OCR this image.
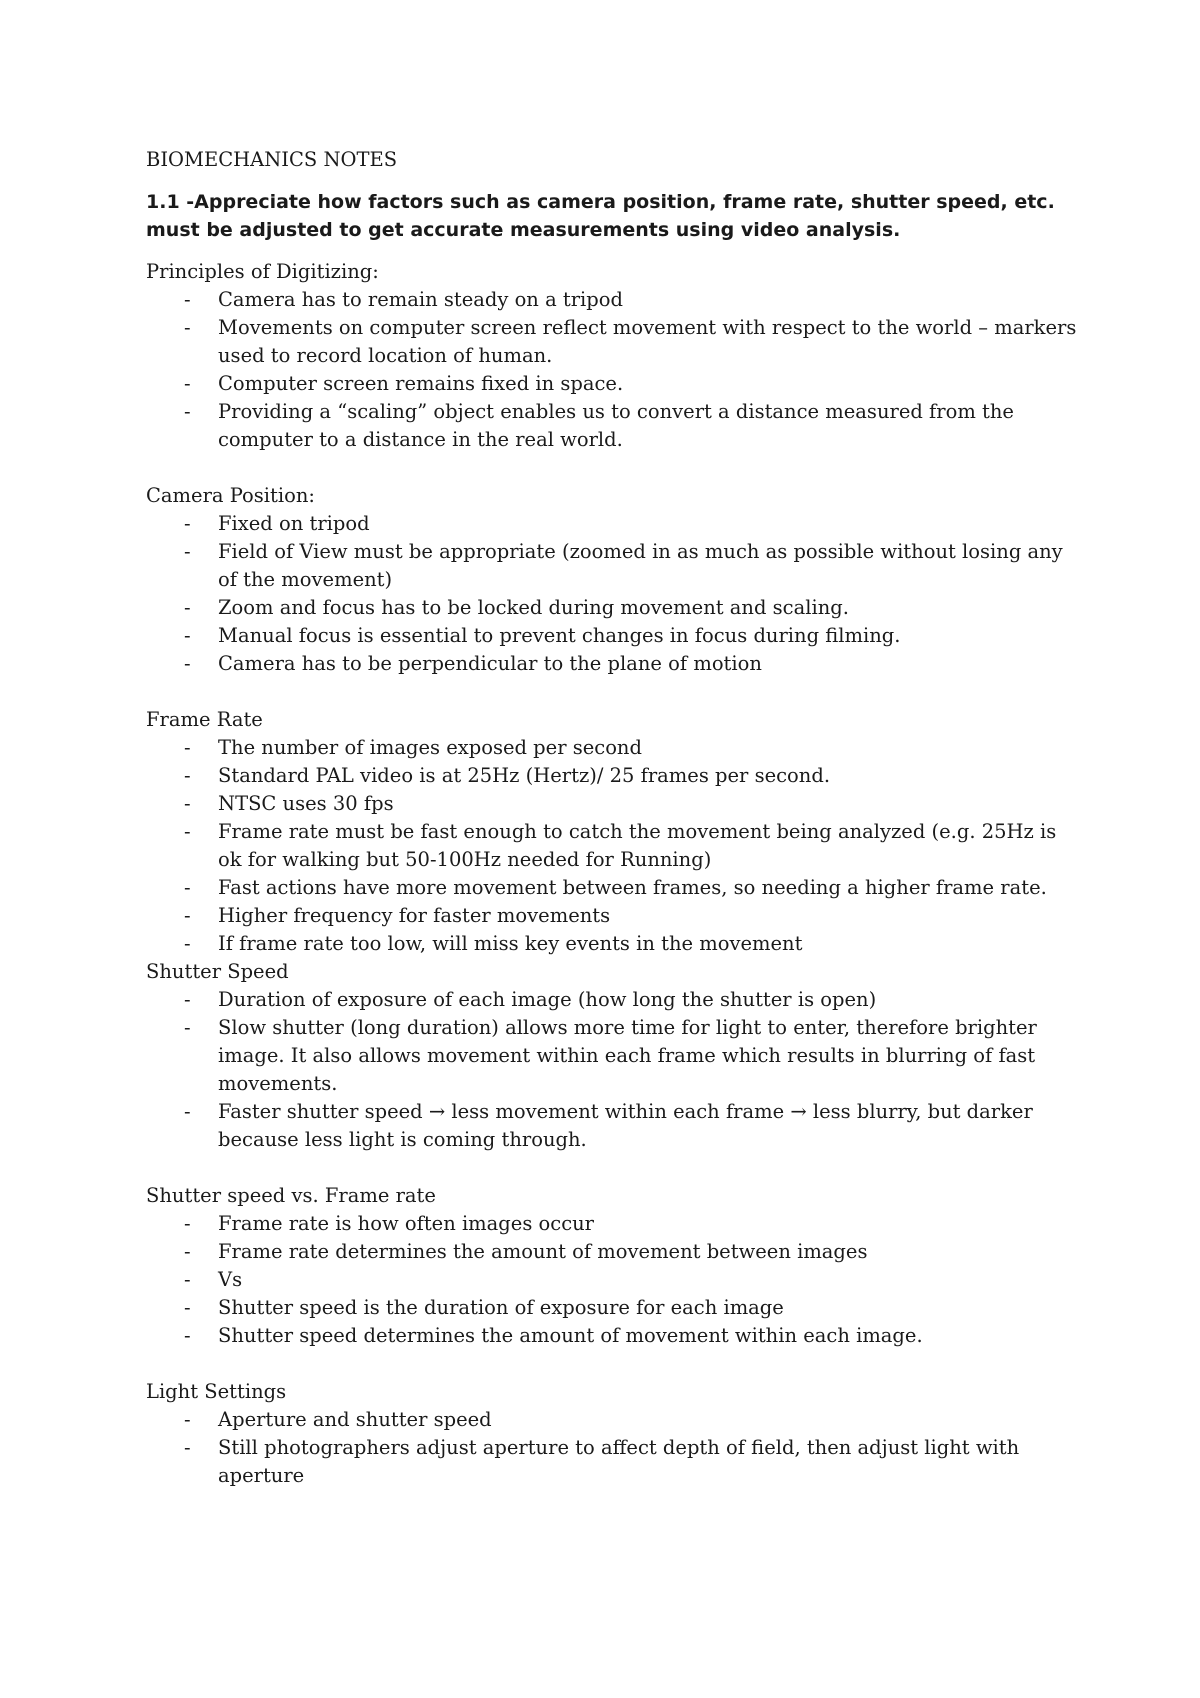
BIOMECHANICS NOTES
1.1 -Appreciate how factors such as camera position, frame rate, shutter speed, etc. must be adjusted to get accurate measurements using video analysis.
Principles of Digitizing:
- Camera has to remain steady on a tripod
- Movements on computer screen reflect movement with respect to the world – markers used to record location of human.
- Computer screen remains fixed in space.
- Providing a “scaling” object enables us to convert a distance measured from the computer to a distance in the real world.
Camera Position:
- Fixed on tripod
- Field of View must be appropriate (zoomed in as much as possible without losing any of the movement)
- Zoom and focus has to be locked during movement and scaling.
- Manual focus is essential to prevent changes in focus during filming.
- Camera has to be perpendicular to the plane of motion
Frame Rate
- The number of images exposed per second
- Standard PAL video is at 25Hz (Hertz)/ 25 frames per second.
- NTSC uses 30 fps
- Frame rate must be fast enough to catch the movement being analyzed (e.g. 25Hz is ok for walking but 50-100Hz needed for Running)
- Fast actions have more movement between frames, so needing a higher frame rate.
- Higher frequency for faster movements
- If frame rate too low, will miss key events in the movement
Shutter Speed
- Duration of exposure of each image (how long the shutter is open)
- Slow shutter (long duration) allows more time for light to enter, therefore brighter image. It also allows movement within each frame which results in blurring of fast movements.
- Faster shutter speed → less movement within each frame → less blurry, but darker because less light is coming through.
Shutter speed vs. Frame rate
- Frame rate is how often images occur
- Frame rate determines the amount of movement between images
- Vs
- Shutter speed is the duration of exposure for each image
- Shutter speed determines the amount of movement within each image.
Light Settings
- Aperture and shutter speed
- Still photographers adjust aperture to affect depth of field, then adjust light with aperture
